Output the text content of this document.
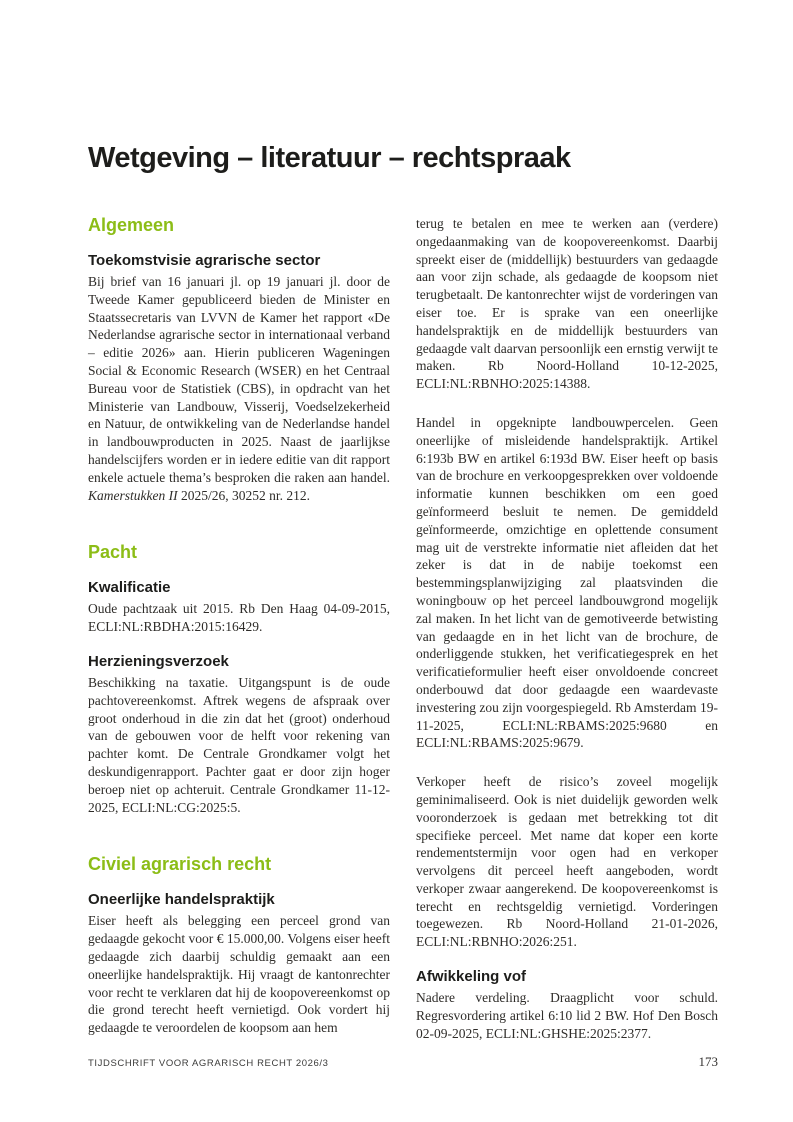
Wetgeving – literatuur – rechtspraak
Algemeen
Toekomstvisie agrarische sector

Bij brief van 16 januari jl. op 19 januari jl. door de Tweede Kamer gepubliceerd bieden de Minister en Staatssecretaris van LVVN de Kamer het rapport «De Nederlandse agrarische sector in internationaal verband – editie 2026» aan. Hierin publiceren Wageningen Social & Economic Research (WSER) en het Centraal Bureau voor de Statistiek (CBS), in opdracht van het Ministerie van Landbouw, Visserij, Voedselzekerheid en Natuur, de ontwikkeling van de Nederlandse handel in landbouwproducten in 2025. Naast de jaarlijkse handelscijfers worden er in iedere editie van dit rapport enkele actuele thema’s besproken die raken aan handel. Kamerstukken II 2025/26, 30252 nr. 212.

Pacht
Kwalificatie

Oude pachtzaak uit 2015. Rb Den Haag 04-09-2015, ECLI:NL:RBDHA:2015:16429.

Herzieningsverzoek

Beschikking na taxatie. Uitgangspunt is de oude pachtovereenkomst. Aftrek wegens de afspraak over groot onderhoud in die zin dat het (groot) onderhoud van de gebouwen voor de helft voor rekening van pachter komt. De Centrale Grondkamer volgt het deskundigenrapport. Pachter gaat er door zijn hoger beroep niet op achteruit. Centrale Grondkamer 11-12-2025, ECLI:NL:CG:2025:5.

Civiel agrarisch recht
Oneerlijke handelspraktijk

Eiser heeft als belegging een perceel grond van gedaagde gekocht voor € 15.000,00. Volgens eiser heeft gedaagde zich daarbij schuldig gemaakt aan een oneerlijke handelspraktijk. Hij vraagt de kantonrechter voor recht te verklaren dat hij de koopovereenkomst op die grond terecht heeft vernietigd. Ook vordert hij gedaagde te veroordelen de koopsom aan hem

terug te betalen en mee te werken aan (verdere) ongedaanmaking van de koopovereenkomst. Daarbij spreekt eiser de (middellijk) bestuurders van gedaagde aan voor zijn schade, als gedaagde de koopsom niet terugbetaalt. De kantonrechter wijst de vorderingen van eiser toe. Er is sprake van een oneerlijke handelspraktijk en de middellijk bestuurders van gedaagde valt daarvan persoonlijk een ernstig verwijt te maken. Rb Noord-Holland 10-12-2025, ECLI:NL:RBNHO:2025:14388.

Handel in opgeknipte landbouwpercelen. Geen oneerlijke of misleidende handelspraktijk. Artikel 6:193b BW en artikel 6:193d BW. Eiser heeft op basis van de brochure en verkoopgesprekken over voldoende informatie kunnen beschikken om een goed geïnformeerd besluit te nemen. De gemiddeld geïnformeerde, omzichtige en oplettende consument mag uit de verstrekte informatie niet afleiden dat het zeker is dat in de nabije toekomst een bestemmingsplanwijziging zal plaatsvinden die woningbouw op het perceel landbouwgrond mogelijk zal maken. In het licht van de gemotiveerde betwisting van gedaagde en in het licht van de brochure, de onderliggende stukken, het verificatiegesprek en het verificatieformulier heeft eiser onvoldoende concreet onderbouwd dat door gedaagde een waardevaste investering zou zijn voorgespiegeld. Rb Amsterdam 19-11-2025, ECLI:NL:RBAMS:2025:9680 en ECLI:NL:RBAMS:2025:9679.

Verkoper heeft de risico’s zoveel mogelijk geminimaliseerd. Ook is niet duidelijk geworden welk vooronderzoek is gedaan met betrekking tot dit specifieke perceel. Met name dat koper een korte rendementstermijn voor ogen had en verkoper vervolgens dit perceel heeft aangeboden, wordt verkoper zwaar aangerekend. De koopovereenkomst is terecht en rechtsgeldig vernietigd. Vorderingen toegewezen. Rb Noord-Holland 21-01-2026, ECLI:NL:RBNHO:2026:251.

Afwikkeling vof

Nadere verdeling. Draagplicht voor schuld. Regresvordering artikel 6:10 lid 2 BW. Hof Den Bosch 02-09-2025, ECLI:NL:GHSHE:2025:2377.

TIJDSCHRIFT VOOR AGRARISCH RECHT 2026/3	173
